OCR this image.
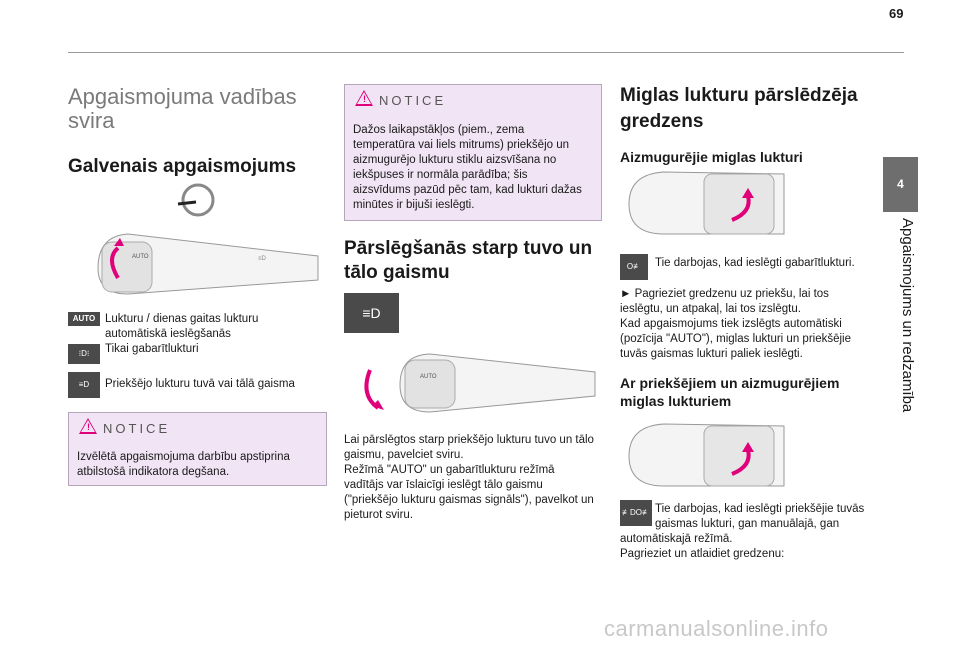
69
4
Apgaismojums un redzamība

Apgaismojuma vadības

svira

Galvenais apgaismojums

AUTO	≡D
AUTO Lukturu / dienas gaitas lukturu
automātiskā ieslēgšanās
Tikai gabarītlukturi
⁝D⁝
≡D	Priekšējo lukturu tuvā vai tālā gaisma
! NOTICE
Izvēlētā apgaismojuma darbību apstiprina
atbilstošā indikatora degšana.
! NOTICE
Dažos laikapstākļos (piem., zema
temperatūra vai liels mitrums) priekšējo un
aizmugurējo lukturu stiklu aizsvīšana no
iekšpuses ir normāla parādība; šis
aizsvīdums pazūd pēc tam, kad lukturi dažas
minūtes ir bijuši ieslēgti.

Pārslēgšanās starp tuvo un

tālo gaismu

≡D
AUTO
Lai pārslēgtos starp priekšējo lukturu tuvo un tālo
gaismu, pavelciet sviru.
Režīmā "AUTO" un gabarītlukturu režīmā
vadītājs var īslaicīgi ieslēgt tālo gaismu
("priekšējo lukturu gaismas signāls"), pavelkot un
pieturot sviru.

Miglas lukturu pārslēdzēja

gredzens

Aizmugurējie miglas lukturi

O≢	Tie darbojas, kad ieslēgti gabarītlukturi.
► Pagrieziet gredzenu uz priekšu, lai tos
ieslēgtu, un atpakaļ, lai tos izslēgtu.
Kad apgaismojums tiek izslēgts automātiski
(pozīcija "AUTO"), miglas lukturi un priekšējie
tuvās gaismas lukturi paliek ieslēgti.

Ar priekšējiem un aizmugurējiem

miglas lukturiem

≢DO≢ Tie darbojas, kad ieslēgti priekšējie tuvās
gaismas lukturi, gan manuālajā, gan
automātiskajā režīmā.
Pagrieziet un atlaidiet gredzenu:
carmanualsonline.info
